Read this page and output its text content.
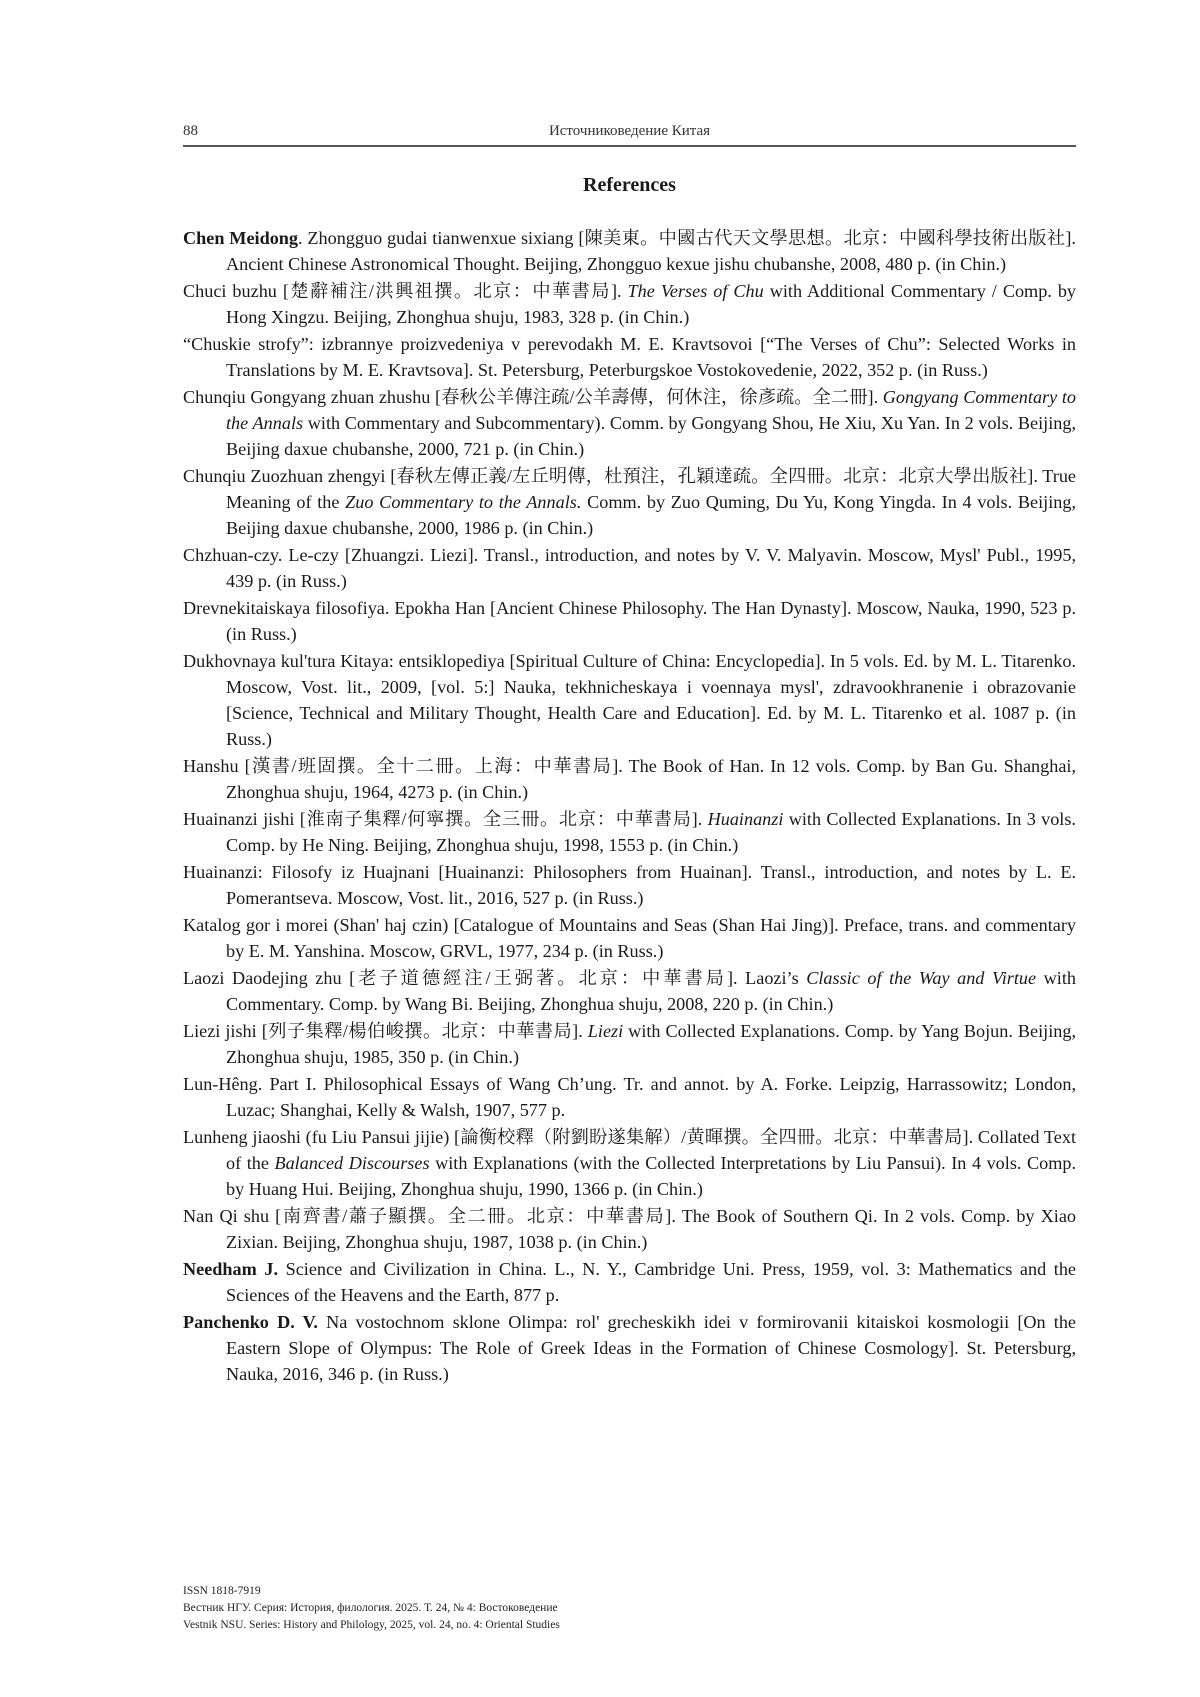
88	Источниковедение Китая
References
Chen Meidong. Zhongguo gudai tianwenxue sixiang [陳美東。中國古代天文學思想。北京：中國科學技術出版社]. Ancient Chinese Astronomical Thought. Beijing, Zhongguo kexue jishu chubanshe, 2008, 480 p. (in Chin.)
Chuci buzhu [楚辭補注/洪興祖撰。北京：中華書局]. The Verses of Chu with Additional Commentary / Comp. by Hong Xingzu. Beijing, Zhonghua shuju, 1983, 328 p. (in Chin.)
“Chuskie strofy”: izbrannye proizvedeniya v perevodakh M. E. Kravtsovoi [“The Verses of Chu”: Selected Works in Translations by M. E. Kravtsova]. St. Petersburg, Peterburgskoe Vostokovedenie, 2022, 352 p. (in Russ.)
Chunqiu Gongyang zhuan zhushu [春秋公羊傳注疏/公羊壽傳，何休注，徐彥疏。全二冊]. Gongyang Commentary to the Annals with Commentary and Subcommentary). Comm. by Gongyang Shou, He Xiu, Xu Yan. In 2 vols. Beijing, Beijing daxue chubanshe, 2000, 721 p. (in Chin.)
Chunqiu Zuozhuan zhengyi [春秋左傳正義/左丘明傳，杜預注，孔穎達疏。全四冊。北京：北京大學出版社]. True Meaning of the Zuo Commentary to the Annals. Comm. by Zuo Quming, Du Yu, Kong Yingda. In 4 vols. Beijing, Beijing daxue chubanshe, 2000, 1986 p. (in Chin.)
Chzhuan-czy. Le-czy [Zhuangzi. Liezi]. Transl., introduction, and notes by V. V. Malyavin. Moscow, Mysl' Publ., 1995, 439 p. (in Russ.)
Drevnekitaiskaya filosofiya. Epokha Han [Ancient Chinese Philosophy. The Han Dynasty]. Moscow, Nauka, 1990, 523 p. (in Russ.)
Dukhovnaya kul'tura Kitaya: entsiklopediya [Spiritual Culture of China: Encyclopedia]. In 5 vols. Ed. by M. L. Titarenko. Moscow, Vost. lit., 2009, [vol. 5:] Nauka, tekhnicheskaya i voennaya mysl', zdravookhranenie i obrazovanie [Science, Technical and Military Thought, Health Care and Education]. Ed. by M. L. Titarenko et al. 1087 p. (in Russ.)
Hanshu [漢書/班固撰。全十二冊。上海：中華書局]. The Book of Han. In 12 vols. Comp. by Ban Gu. Shanghai, Zhonghua shuju, 1964, 4273 p. (in Chin.)
Huainanzi jishi [淮南子集釋/何寧撰。全三冊。北京：中華書局]. Huainanzi with Collected Explanations. In 3 vols. Comp. by He Ning. Beijing, Zhonghua shuju, 1998, 1553 p. (in Chin.)
Huainanzi: Filosofy iz Huajnani [Huainanzi: Philosophers from Huainan]. Transl., introduction, and notes by L. E. Pomerantseva. Moscow, Vost. lit., 2016, 527 p. (in Russ.)
Katalog gor i morei (Shan' haj czin) [Catalogue of Mountains and Seas (Shan Hai Jing)]. Preface, trans. and commentary by E. M. Yanshina. Moscow, GRVL, 1977, 234 p. (in Russ.)
Laozi Daodejing zhu [老子道德經注/王弼著。北京：中華書局]. Laozi’s Classic of the Way and Virtue with Commentary. Comp. by Wang Bi. Beijing, Zhonghua shuju, 2008, 220 p. (in Chin.)
Liezi jishi [列子集釋/楊伯峻撰。北京：中華書局]. Liezi with Collected Explanations. Comp. by Yang Bojun. Beijing, Zhonghua shuju, 1985, 350 p. (in Chin.)
Lun-Hêng. Part I. Philosophical Essays of Wang Ch’ung. Tr. and annot. by A. Forke. Leipzig, Harrassowitz; London, Luzac; Shanghai, Kelly & Walsh, 1907, 577 p.
Lunheng jiaoshi (fu Liu Pansui jijie) [論衡校釋（附劉盼遂集解）/黄暉撰。全四冊。北京：中華書局]. Collated Text of the Balanced Discourses with Explanations (with the Collected Interpretations by Liu Pansui). In 4 vols. Comp. by Huang Hui. Beijing, Zhonghua shuju, 1990, 1366 p. (in Chin.)
Nan Qi shu [南齊書/蕭子顯撰。全二冊。北京：中華書局]. The Book of Southern Qi. In 2 vols. Comp. by Xiao Zixian. Beijing, Zhonghua shuju, 1987, 1038 p. (in Chin.)
Needham J. Science and Civilization in China. L., N. Y., Cambridge Uni. Press, 1959, vol. 3: Mathematics and the Sciences of the Heavens and the Earth, 877 p.
Panchenko D. V. Na vostochnom sklone Olimpa: rol' grecheskikh idei v formirovanii kitaiskoi kosmologii [On the Eastern Slope of Olympus: The Role of Greek Ideas in the Formation of Chinese Cosmology]. St. Petersburg, Nauka, 2016, 346 p. (in Russ.)
ISSN 1818-7919
Вестник НГУ. Серия: История, филология. 2025. Т. 24, № 4: Востоковедение
Vestnik NSU. Series: History and Philology, 2025, vol. 24, no. 4: Oriental Studies
